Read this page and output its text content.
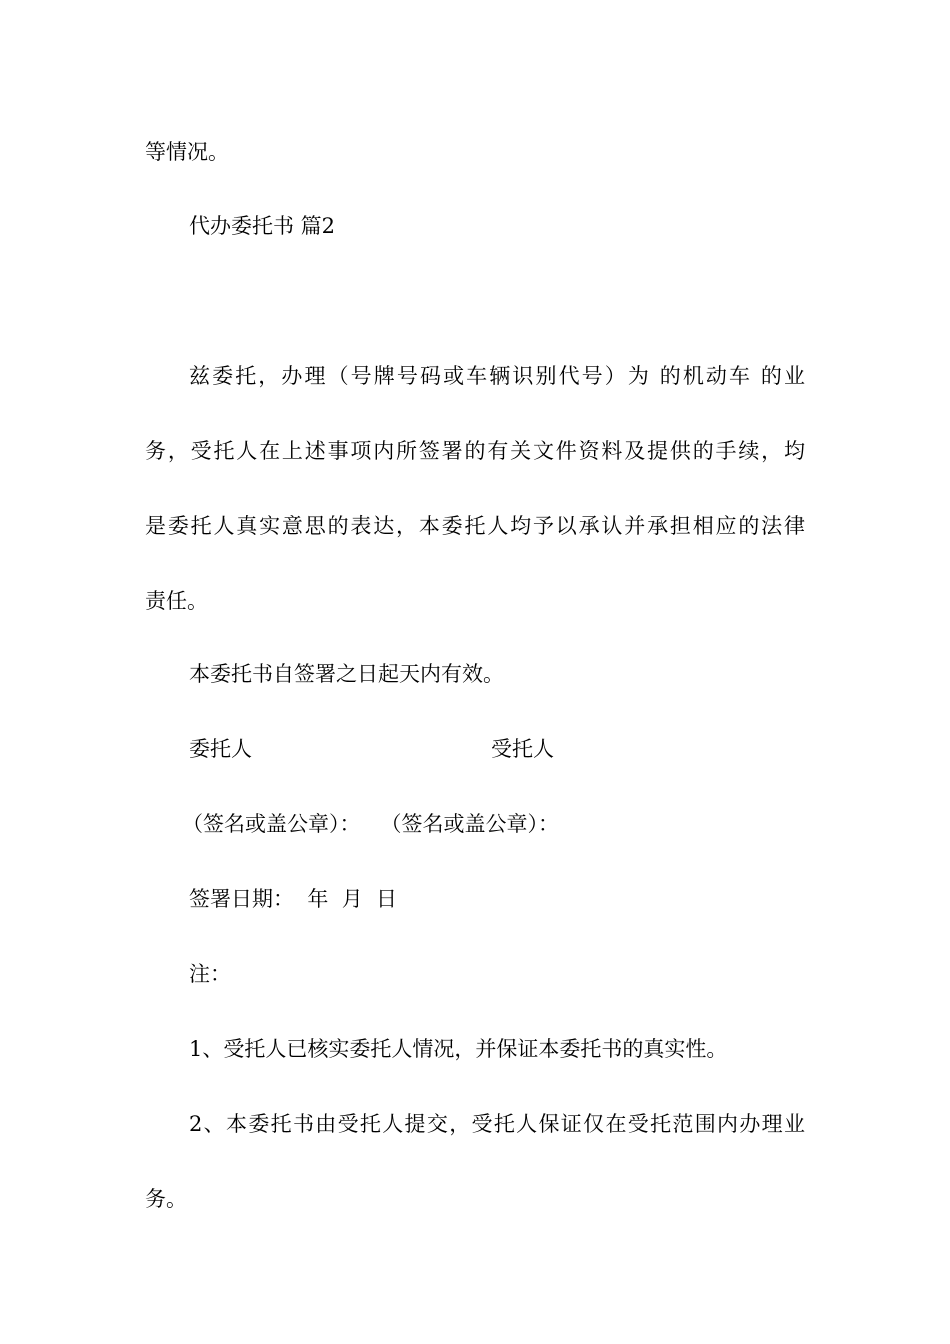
等情况。
代办委托书 篇2
兹委托，办理（号牌号码或车辆识别代号）为 的机动车 的业
务，受托人在上述事项内所签署的有关文件资料及提供的手续，均
是委托人真实意思的表达，本委托人均予以承认并承担相应的法律
责任。
本委托书自签署之日起天内有效。
委托人	受托人
（签名或盖公章）：   （签名或盖公章）：
签署日期：  年  月  日
注：
1、受托人已核实委托人情况，并保证本委托书的真实性。
2、本委托书由受托人提交，受托人保证仅在受托范围内办理业
务。
